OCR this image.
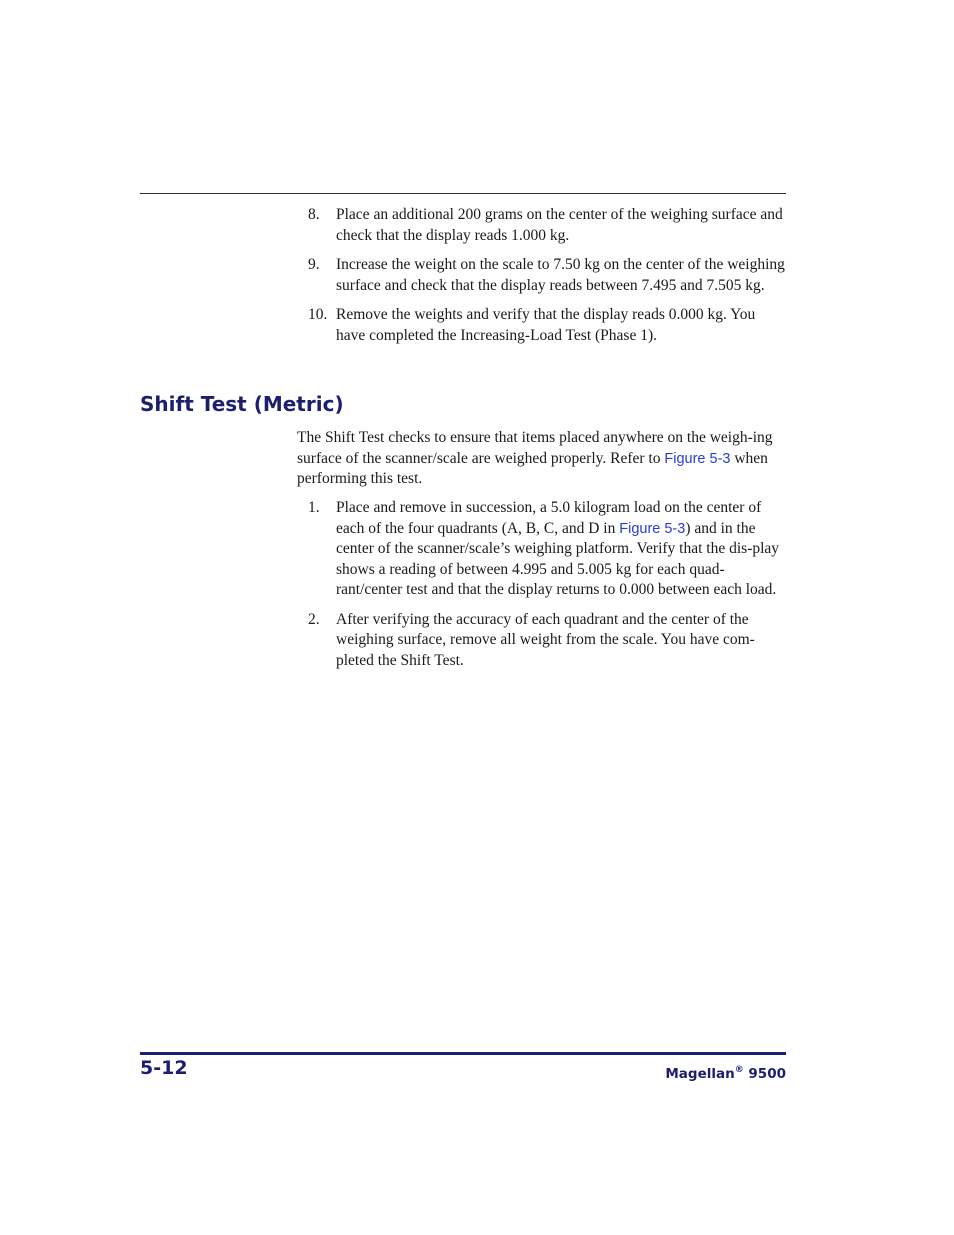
8. Place an additional 200 grams on the center of the weighing surface and check that the display reads 1.000 kg.
9. Increase the weight on the scale to 7.50 kg on the center of the weighing surface and check that the display reads between 7.495 and 7.505 kg.
10. Remove the weights and verify that the display reads 0.000 kg. You have completed the Increasing-Load Test (Phase 1).
Shift Test (Metric)

The Shift Test checks to ensure that items placed anywhere on the weigh-ing surface of the scanner/scale are weighed properly. Refer to Figure 5-3 when performing this test.

1. Place and remove in succession, a 5.0 kilogram load on the center of each of the four quadrants (A, B, C, and D in Figure 5-3) and in the center of the scanner/scale’s weighing platform. Verify that the dis-play shows a reading of between 4.995 and 5.005 kg for each quad-rant/center test and that the display returns to 0.000 between each load.
2. After verifying the accuracy of each quadrant and the center of the weighing surface, remove all weight from the scale. You have com-pleted the Shift Test.
5-12	Magellan® 9500
